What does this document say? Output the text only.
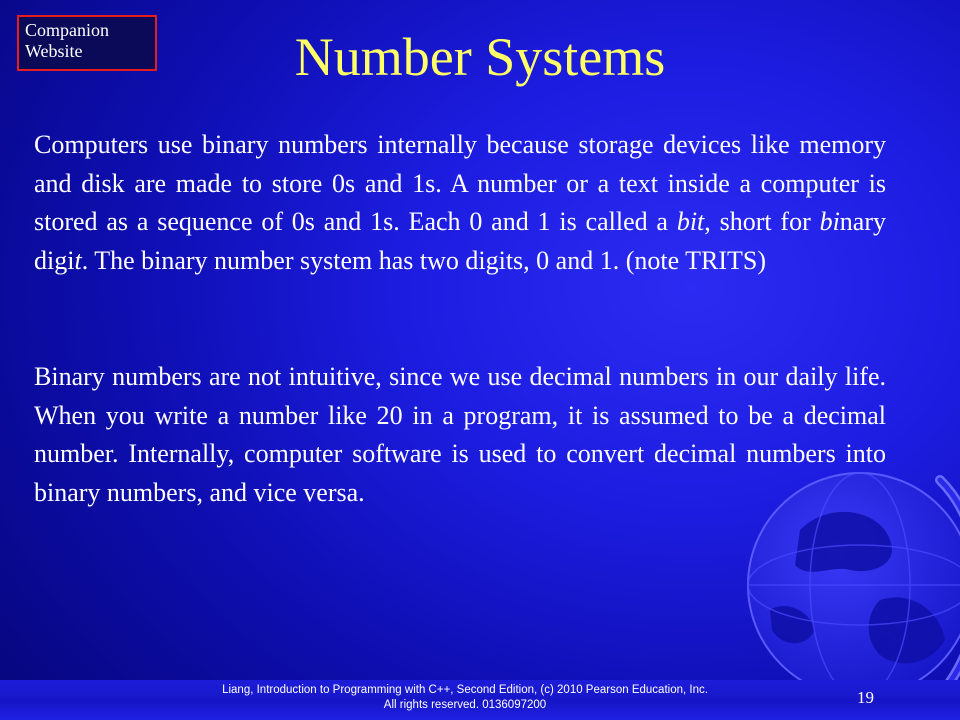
Companion
Website	Number Systems

Computers use binary numbers internally because storage devices like memory and disk are made to store 0s and 1s. A number or a text inside a computer is stored as a sequence of 0s and 1s. Each 0 and 1 is called a bit, short for binary digit. The binary number system has two digits, 0 and 1. (note TRITS)

Binary numbers are not intuitive, since we use decimal numbers in our daily life. When you write a number like 20 in a program, it is assumed to be a decimal number. Internally, computer software is used to convert decimal numbers into binary numbers, and vice versa.

Liang, Introduction to Programming with C++, Second Edition, (c) 2010 Pearson Education, Inc.
All rights reserved. 0136097200	19
